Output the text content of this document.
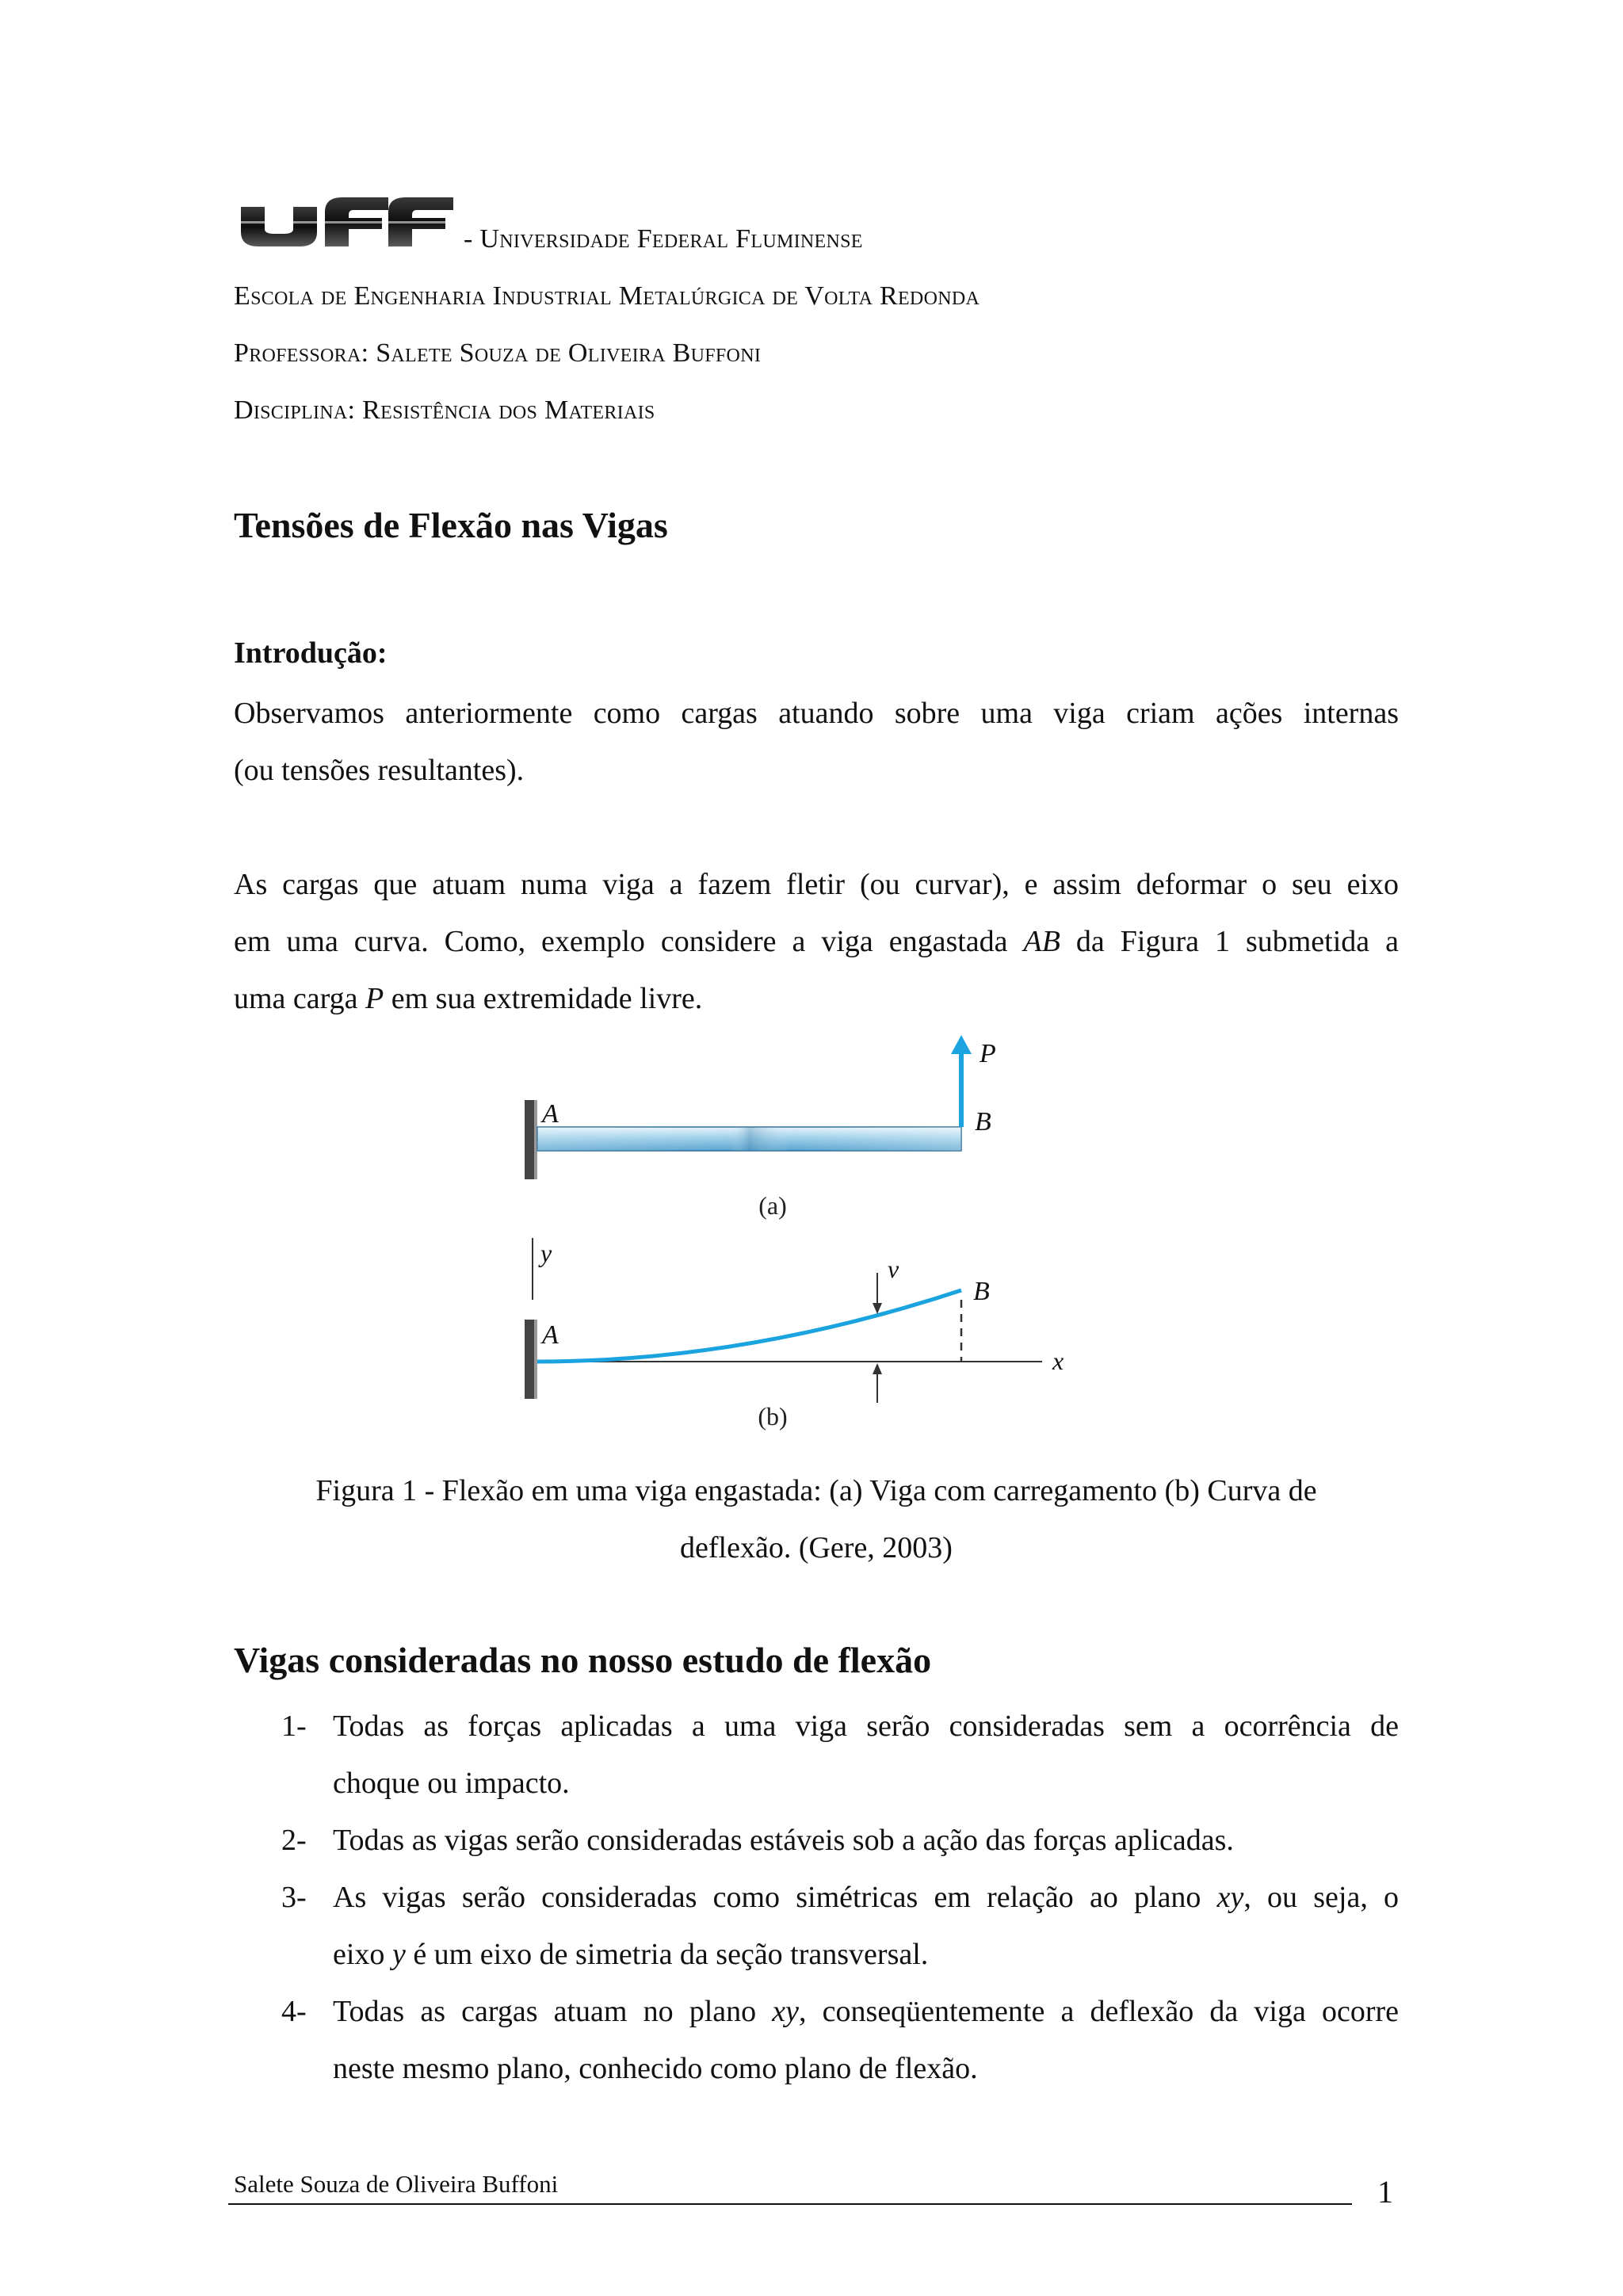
- Universidade Federal Fluminense
Escola de Engenharia Industrial Metalúrgica de Volta Redonda
Professora: Salete Souza de Oliveira Buffoni
Disciplina: Resistência dos Materiais
Tensões de Flexão nas Vigas
Introdução:

Observamos anteriormente como cargas atuando sobre uma viga criam ações internas

(ou tensões resultantes).

As cargas que atuam numa viga a fazem fletir (ou curvar), e assim deformar o seu eixo

em uma curva. Como, exemplo considere a viga engastada AB da Figura 1 submetida a

uma carga P em sua extremidade livre.

P
A	B
(a)
y
x
B
A
v
(b)
Figura 1 - Flexão em uma viga engastada: (a) Viga com carregamento (b) Curva de
deflexão. (Gere, 2003)
Vigas consideradas no nosso estudo de flexão
1- Todas as forças aplicadas a uma viga serão consideradas sem a ocorrência de
choque ou impacto.
2- Todas as vigas serão consideradas estáveis sob a ação das forças aplicadas.
3- As vigas serão consideradas como simétricas em relação ao plano xy, ou seja, o
eixo y é um eixo de simetria da seção transversal.
4- Todas as cargas atuam no plano xy, conseqüentemente a deflexão da viga ocorre
neste mesmo plano, conhecido como plano de flexão.
Salete Souza de Oliveira Buffoni	1
